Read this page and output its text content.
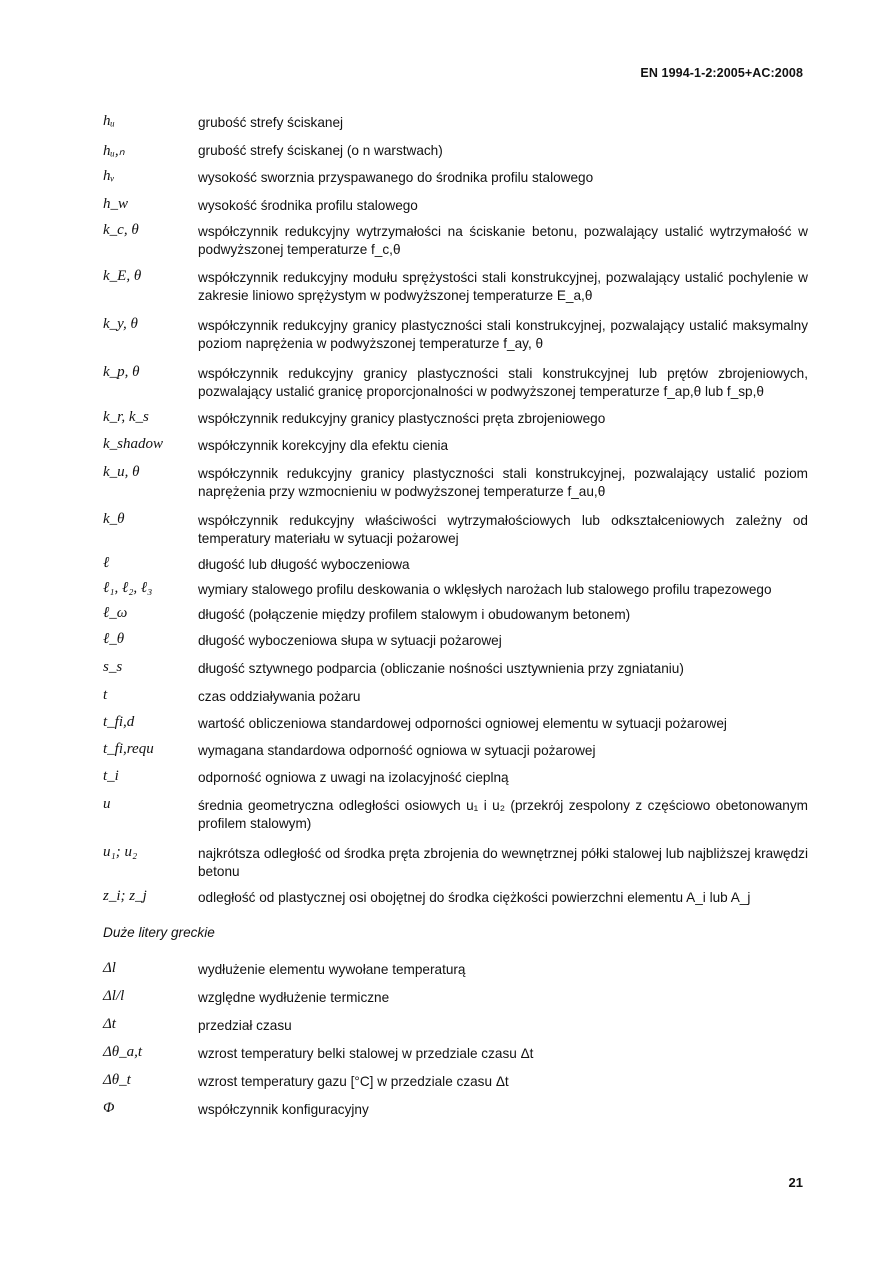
EN 1994-1-2:2005+AC:2008
hᵤ	grubość strefy ściskanej
hᵤ,ₙ	grubość strefy ściskanej (o n warstwach)
hᵥ	wysokość sworznia przyspawanego do środnika profilu stalowego
h_w	wysokość środnika profilu stalowego
k_c, θ	współczynnik redukcyjny wytrzymałości na ściskanie betonu, pozwalający ustalić wytrzymałość w podwyższonej temperaturze f_c,θ
k_E, θ	współczynnik redukcyjny modułu sprężystości stali konstrukcyjnej, pozwalający ustalić pochylenie w zakresie liniowo sprężystym w podwyższonej temperaturze E_a,θ
k_y, θ	współczynnik redukcyjny granicy plastyczności stali konstrukcyjnej, pozwalający ustalić maksymalny poziom naprężenia w podwyższonej temperaturze f_ay, θ
k_p, θ	współczynnik redukcyjny granicy plastyczności stali konstrukcyjnej lub prętów zbrojeniowych, pozwalający ustalić granicę proporcjonalności w podwyższonej temperaturze f_ap,θ lub f_sp,θ
k_r, k_s	współczynnik redukcyjny granicy plastyczności pręta zbrojeniowego
k_shadow	współczynnik korekcyjny dla efektu cienia
k_u, θ	współczynnik redukcyjny granicy plastyczności stali konstrukcyjnej, pozwalający ustalić poziom naprężenia przy wzmocnieniu w podwyższonej temperaturze f_au,θ
k_θ	współczynnik redukcyjny właściwości wytrzymałościowych lub odkształceniowych zależny od temperatury materiału w sytuacji pożarowej
ℓ	długość lub długość wyboczeniowa
ℓ₁, ℓ₂, ℓ₃	wymiary stalowego profilu deskowania o wklęsłych narożach lub stalowego profilu trapezowego
ℓ_ω	długość (połączenie między profilem stalowym i obudowanym betonem)
ℓ_θ	długość wyboczeniowa słupa w sytuacji pożarowej
s_s	długość sztywnego podparcia (obliczanie nośności usztywnienia przy zgniataniu)
t	czas oddziaływania pożaru
t_fi,d	wartość obliczeniowa standardowej odporności ogniowej elementu w sytuacji pożarowej
t_fi,requ	wymagana standardowa odporność ogniowa w sytuacji pożarowej
t_i	odporność ogniowa z uwagi na izolacyjność cieplną
u	średnia geometryczna odległości osiowych u₁ i u₂ (przekrój zespolony z częściowo obetonowanym profilem stalowym)
u₁; u₂	najkrótsza odległość od środka pręta zbrojenia do wewnętrznej półki stalowej lub najbliższej krawędzi betonu
z_i; z_j	odległość od plastycznej osi obojętnej do środka ciężkości powierzchni elementu A_i lub A_j
Duże litery greckie
Δl	wydłużenie elementu wywołane temperaturą
Δl/l	względne wydłużenie termiczne
Δt	przedział czasu
Δθ_a,t	wzrost temperatury belki stalowej w przedziale czasu Δt
Δθ_t	wzrost temperatury gazu [°C] w przedziale czasu Δt
Φ	współczynnik konfiguracyjny
21
